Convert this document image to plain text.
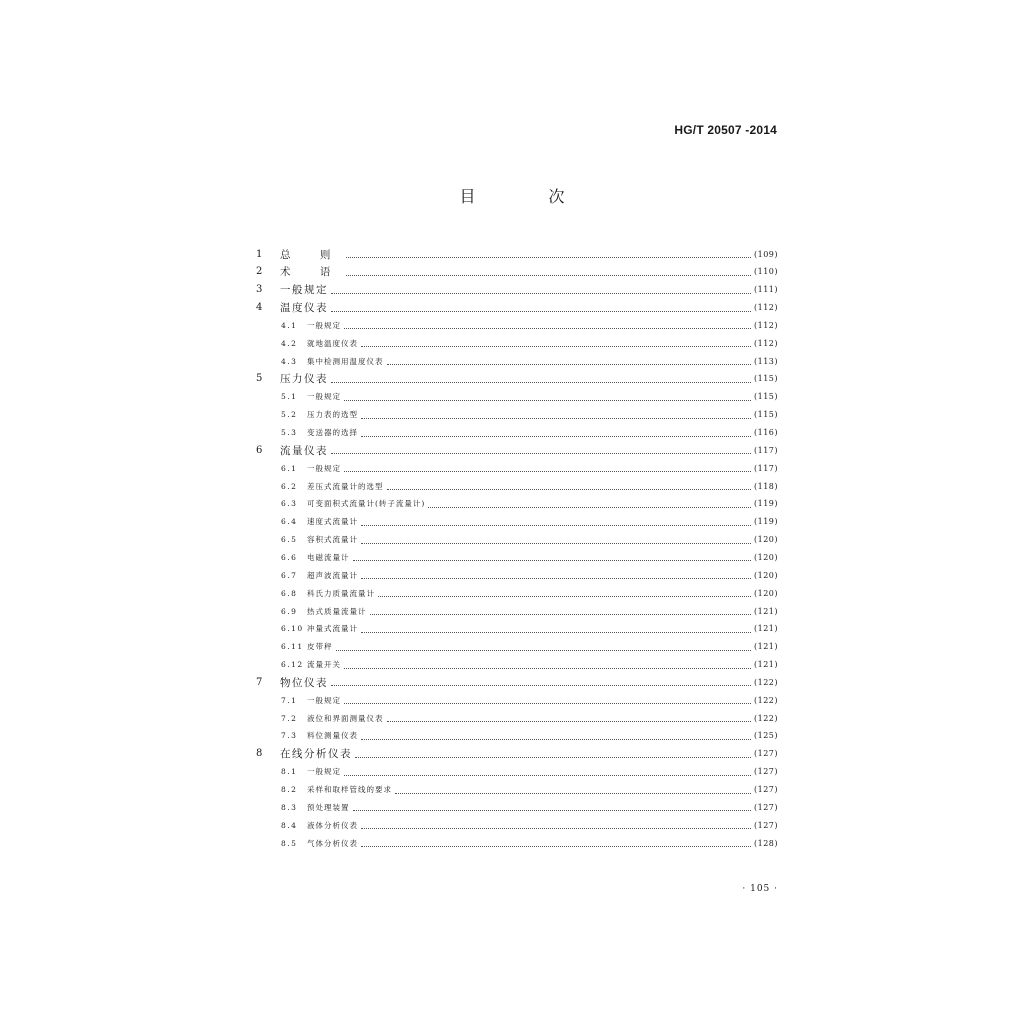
HG/T 20507 -2014
目 次
1	总 则	(109)
2	术 语	(110)
3	一般规定	(111)
4	温度仪表	(112)
4.1	一般规定	(112)
4.2	就地温度仪表	(112)
4.3	集中检测用温度仪表	(113)
5	压力仪表	(115)
5.1	一般规定	(115)
5.2	压力表的选型	(115)
5.3	变送器的选择	(116)
6	流量仪表	(117)
6.1	一般规定	(117)
6.2	差压式流量计的选型	(118)
6.3	可变面积式流量计(转子流量计)	(119)
6.4	速度式流量计	(119)
6.5	容积式流量计	(120)
6.6	电磁流量计	(120)
6.7	超声波流量计	(120)
6.8	科氏力质量流量计	(120)
6.9	热式质量流量计	(121)
6.10 冲量式流量计	(121)
6.11 皮带秤	(121)
6.12 流量开关	(121)
7	物位仪表	(122)
7.1	一般规定	(122)
7.2	液位和界面测量仪表	(122)
7.3	料位测量仪表	(125)
8	在线分析仪表	(127)
8.1	一般规定	(127)
8.2	采样和取样管线的要求	(127)
8.3	预处理装置	(127)
8.4	液体分析仪表	(127)
8.5	气体分析仪表	(128)
· 105 ·
